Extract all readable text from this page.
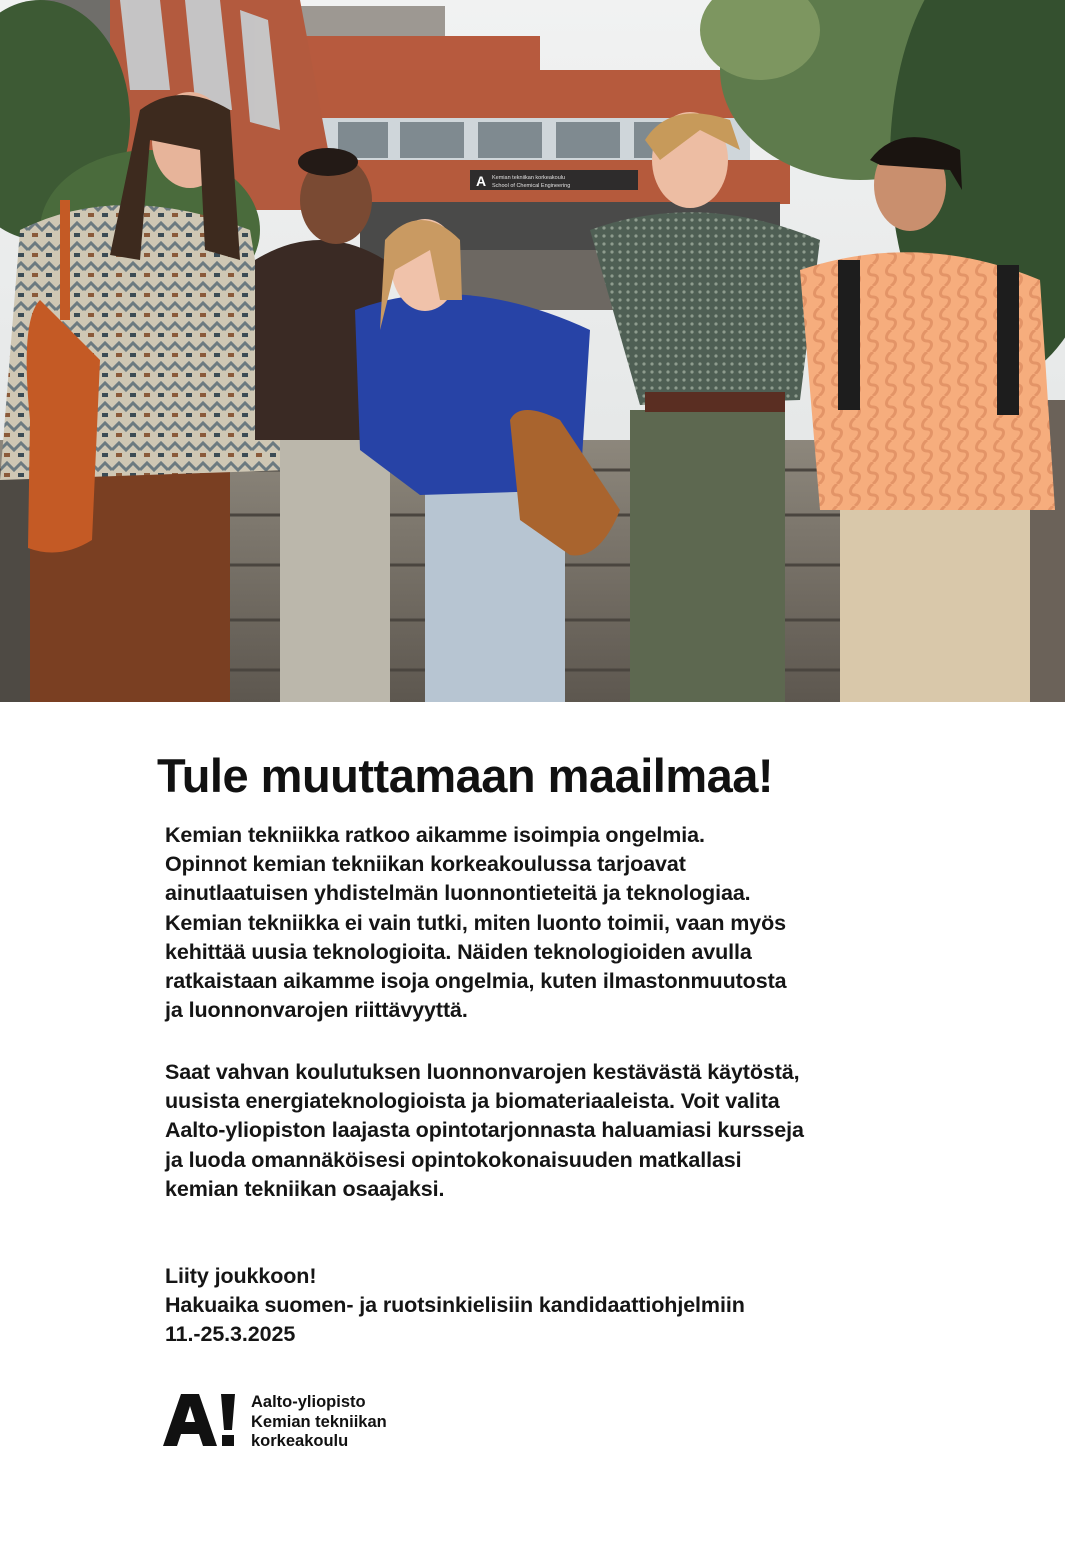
A Kemian tekniikan korkeakoulu
School of Chemical Engineering
Tule muuttamaan maailmaa!

Kemian tekniikka ratkoo aikamme isoimpia ongelmia.
Opinnot kemian tekniikan korkeakoulussa tarjoavat
ainutlaatuisen yhdistelmän luonnontieteitä ja teknologiaa.
Kemian tekniikka ei vain tutki, miten luonto toimii, vaan myös
kehittää uusia teknologioita. Näiden teknologioiden avulla
ratkaistaan aikamme isoja ongelmia, kuten ilmastonmuutosta
ja luonnonvarojen riittävyyttä.

Saat vahvan koulutuksen luonnonvarojen kestävästä käytöstä,
uusista energiateknologioista ja biomateriaaleista. Voit valita
Aalto-yliopiston laajasta opintotarjonnasta haluamiasi kursseja
ja luoda omannäköisesi opintokokonaisuuden matkallasi
kemian tekniikan osaajaksi.

Liity joukkoon!
Hakuaika suomen- ja ruotsinkielisiin kandidaattiohjelmiin
11.-25.3.2025

Aalto-yliopisto
Kemian tekniikan
korkeakoulu
